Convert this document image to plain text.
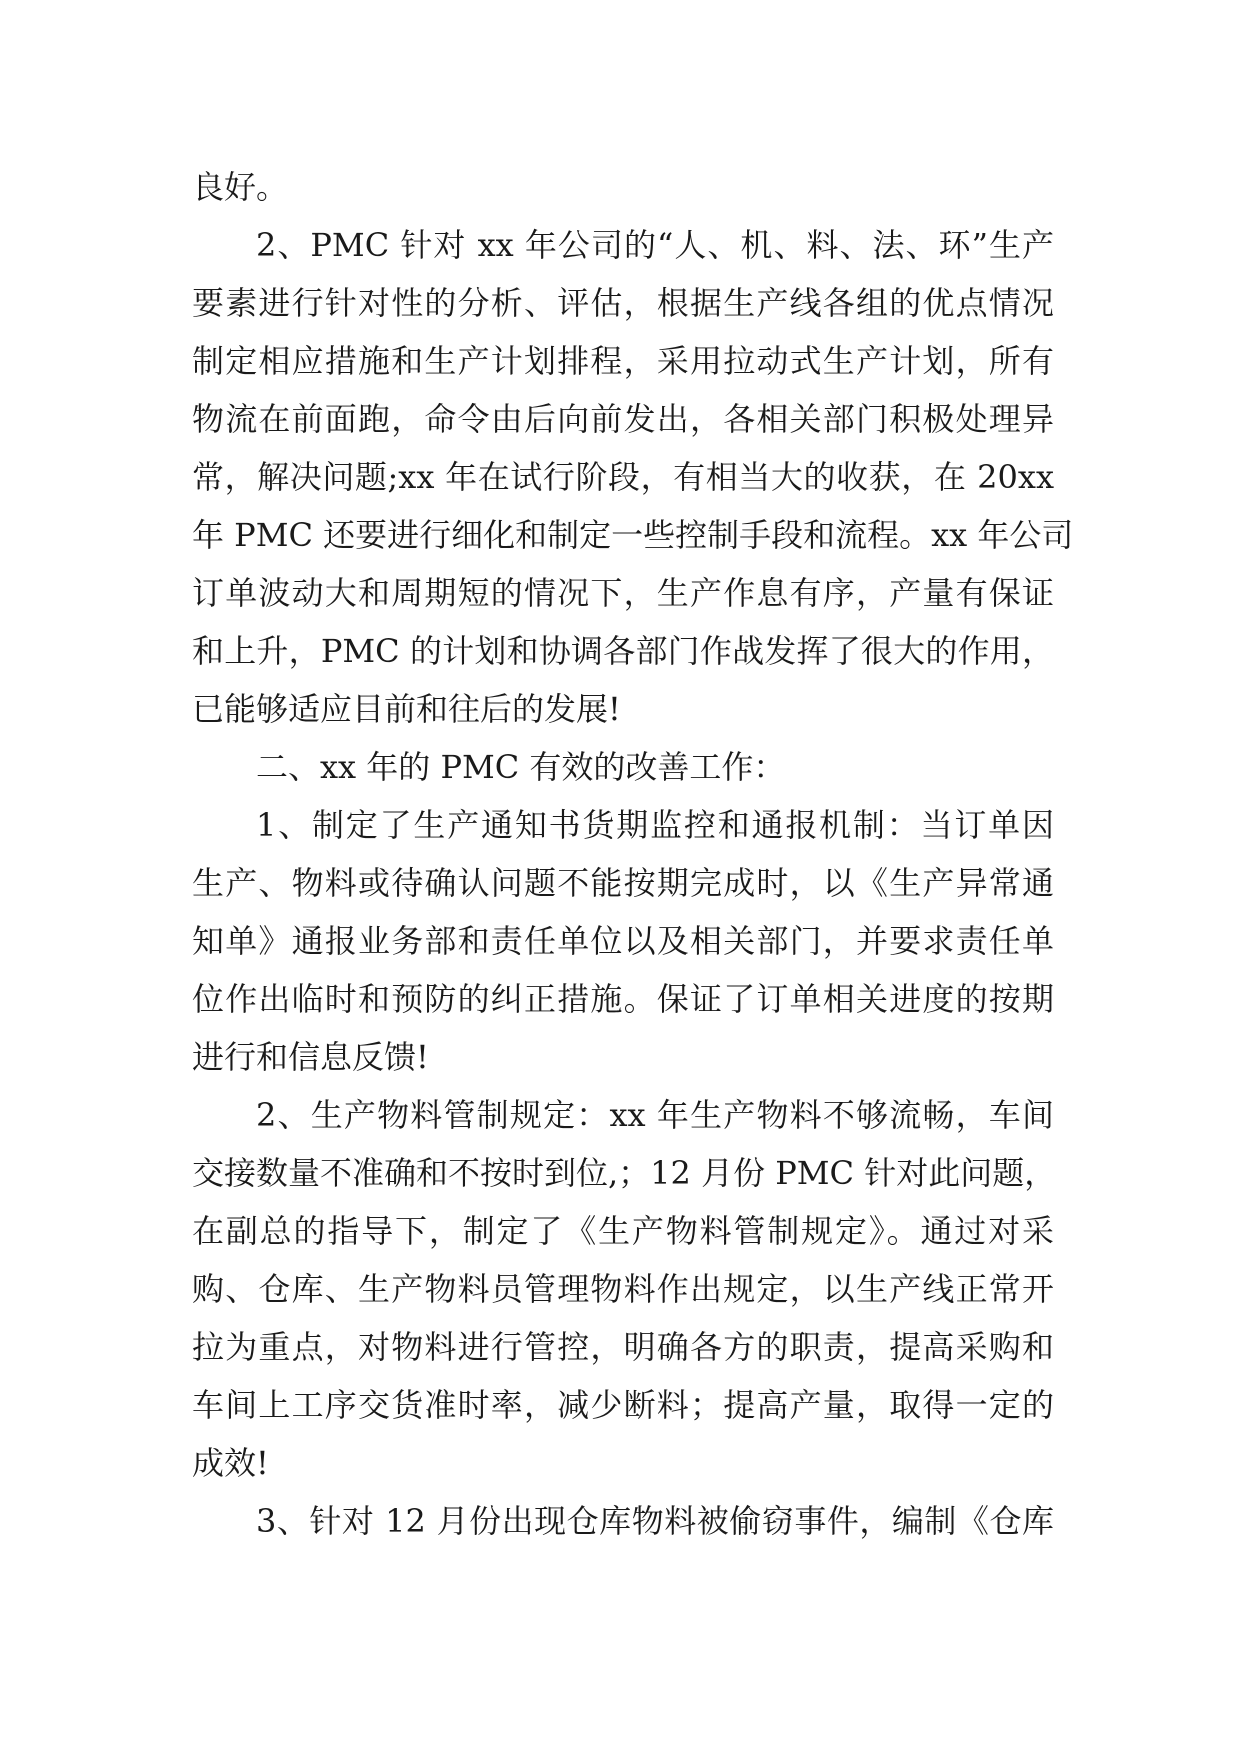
良好。
2、PMC 针对 xx 年公司的“人、机、料、法、环”生产
要素进行针对性的分析、评估，根据生产线各组的优点情况
制定相应措施和生产计划排程，采用拉动式生产计划，所有
物流在前面跑，命令由后向前发出，各相关部门积极处理异
常，解决问题;xx 年在试行阶段，有相当大的收获，在 20xx
年 PMC 还要进行细化和制定一些控制手段和流程。xx 年公司
订单波动大和周期短的情况下，生产作息有序，产量有保证
和上升，PMC 的计划和协调各部门作战发挥了很大的作用，
已能够适应目前和往后的发展!
二、xx 年的 PMC 有效的改善工作：
1、制定了生产通知书货期监控和通报机制：当订单因
生产、物料或待确认问题不能按期完成时，以《生产异常通
知单》通报业务部和责任单位以及相关部门，并要求责任单
位作出临时和预防的纠正措施。保证了订单相关进度的按期
进行和信息反馈!
2、生产物料管制规定：xx 年生产物料不够流畅，车间
交接数量不准确和不按时到位,；12 月份 PMC 针对此问题，
在副总的指导下，制定了《生产物料管制规定》。通过对采
购、仓库、生产物料员管理物料作出规定，以生产线正常开
拉为重点，对物料进行管控，明确各方的职责，提高采购和
车间上工序交货准时率，减少断料；提高产量，取得一定的
成效!
3、针对 12 月份出现仓库物料被偷窃事件，编制《仓库
